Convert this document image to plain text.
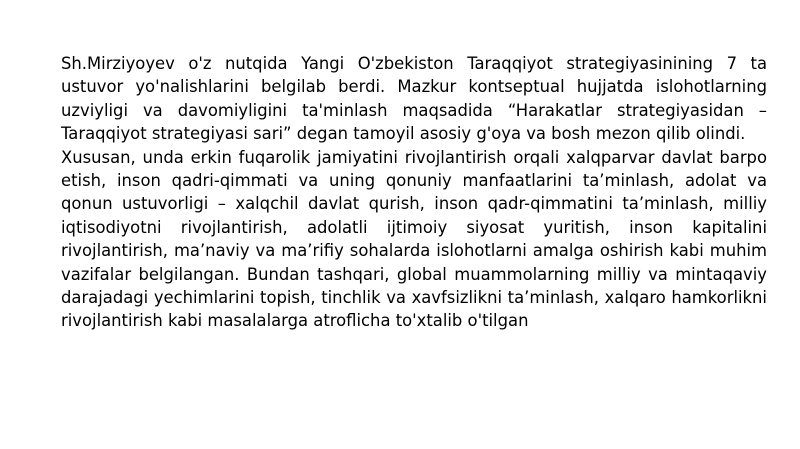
Sh.Mirziyoyev o'z nutqida Yangi O'zbekiston Taraqqiyot strategiyasinining 7 ta ustuvor yo'nalishlarini belgilab berdi. Mazkur kontseptual hujjatda islohotlarning uzviyligi va davomiyligini ta'minlash maqsadida “Harakatlar strategiyasidan – Taraqqiyot strategiyasi sari” degan tamoyil asosiy g'oya va bosh mezon qilib olindi.

Xususan, unda erkin fuqarolik jamiyatini rivojlantirish orqali xalqparvar davlat barpo etish, inson qadri-qimmati va uning qonuniy manfaatlarini ta’minlash, adolat va qonun ustuvorligi – xalqchil davlat qurish, inson qadr-qimmatini ta’minlash, milliy iqtisodiyotni rivojlantirish, adolatli ijtimoiy siyosat yuritish, inson kapitalini rivojlantirish, ma’naviy va ma’rifiy sohalarda islohotlarni amalga oshirish kabi muhim vazifalar belgilangan. Bundan tashqari, global muammolarning milliy va mintaqaviy darajadagi yechimlarini topish, tinchlik va xavfsizlikni ta’minlash, xalqaro hamkorlikni rivojlantirish kabi masalalarga atroflicha to'xtalib o'tilgan
